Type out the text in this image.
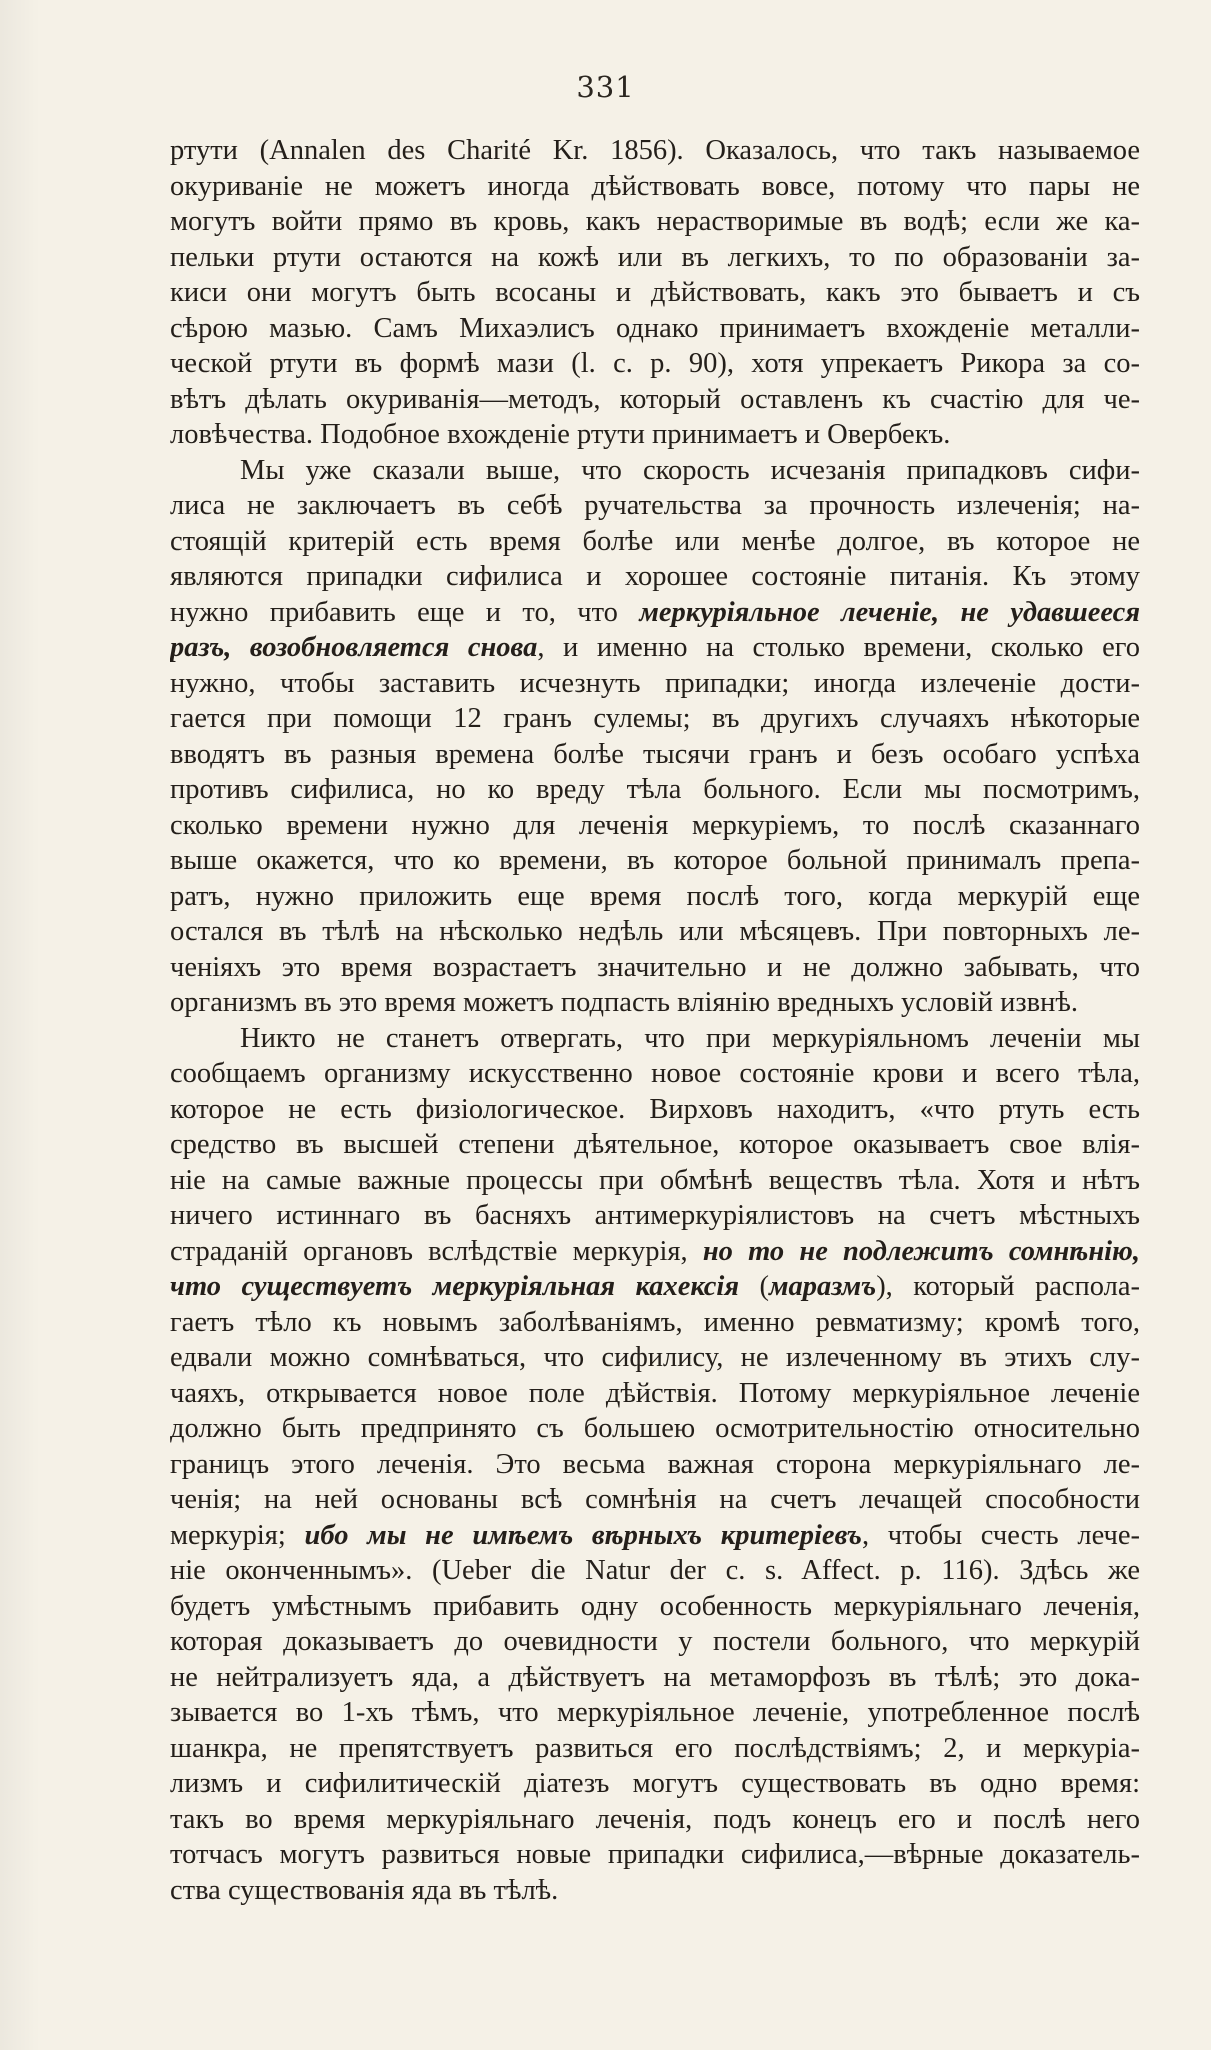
331
ртути (Annalen des Charité Kr. 1856). Оказалось, что такъ называемое
окуриваніе не можетъ иногда дѣйствовать вовсе, потому что пары не
могутъ войти прямо въ кровь, какъ нерастворимые въ водѣ; если же ка-
пельки ртути остаются на кожѣ или въ легкихъ, то по образованіи за-
киси они могутъ быть всосаны и дѣйствовать, какъ это бываетъ и съ
сѣрою мазью. Самъ Михаэлисъ однако принимаетъ вхожденіе металли-
ческой ртути въ формѣ мази (l. c. p. 90), хотя упрекаетъ Рикора за со-
вѣтъ дѣлать окуриванія—методъ, который оставленъ къ счастію для че-
ловѣчества. Подобное вхожденіе ртути принимаетъ и Овербекъ.
Мы уже сказали выше, что скорость исчезанія припадковъ сифи-
лиса не заключаетъ въ себѣ ручательства за прочность излеченія; на-
стоящій критерій есть время болѣе или менѣе долгое, въ которое не
являются припадки сифилиса и хорошее состояніе питанія. Къ этому
нужно прибавить еще и то, что меркуріяльное леченіе, не удавшееся
разъ, возобновляется снова, и именно на столько времени, сколько его
нужно, чтобы заставить исчезнуть припадки; иногда излеченіе дости-
гается при помощи 12 гранъ сулемы; въ другихъ случаяхъ нѣкоторые
вводятъ въ разныя времена болѣе тысячи гранъ и безъ особаго успѣха
противъ сифилиса, но ко вреду тѣла больного. Если мы посмотримъ,
сколько времени нужно для леченія меркуріемъ, то послѣ сказаннаго
выше окажется, что ко времени, въ которое больной принималъ препа-
ратъ, нужно приложить еще время послѣ того, когда меркурій еще
остался въ тѣлѣ на нѣсколько недѣль или мѣсяцевъ. При повторныхъ ле-
ченіяхъ это время возрастаетъ значительно и не должно забывать, что
организмъ въ это время можетъ подпасть вліянію вредныхъ условій извнѣ.
Никто не станетъ отвергать, что при меркуріяльномъ леченіи мы
сообщаемъ организму искусственно новое состояніе крови и всего тѣла,
которое не есть физіологическое. Вирховъ находитъ, «что ртуть есть
средство въ высшей степени дѣятельное, которое оказываетъ свое влія-
ніе на самые важные процессы при обмѣнѣ веществъ тѣла. Хотя и нѣтъ
ничего истиннаго въ басняхъ антимеркуріялистовъ на счетъ мѣстныхъ
страданій органовъ вслѣдствіе меркурія, но то не подлежитъ сомнѣнію,
что существуетъ меркуріяльная кахексія (маразмъ), который распола-
гаетъ тѣло къ новымъ заболѣваніямъ, именно ревматизму; кромѣ того,
едвали можно сомнѣваться, что сифилису, не излеченному въ этихъ слу-
чаяхъ, открывается новое поле дѣйствія. Потому меркуріяльное леченіе
должно быть предпринято съ большею осмотрительностію относительно
границъ этого леченія. Это весьма важная сторона меркуріяльнаго ле-
ченія; на ней основаны всѣ сомнѣнія на счетъ лечащей способности
меркурія; ибо мы не имѣемъ вѣрныхъ критеріевъ, чтобы счесть лече-
ніе оконченнымъ». (Ueber die Natur der c. s. Affect. p. 116). Здѣсь же
будетъ умѣстнымъ прибавить одну особенность меркуріяльнаго леченія,
которая доказываетъ до очевидности у постели больного, что меркурій
не нейтрализуетъ яда, а дѣйствуетъ на метаморфозъ въ тѣлѣ; это дока-
зывается во 1-хъ тѣмъ, что меркуріяльное леченіе, употребленное послѣ
шанкра, не препятствуетъ развиться его послѣдствіямъ; 2, и меркуріа-
лизмъ и сифилитическій діатезъ могутъ существовать въ одно время:
такъ во время меркуріяльнаго леченія, подъ конецъ его и послѣ него
тотчасъ могутъ развиться новые припадки сифилиса,—вѣрные доказатель-
ства существованія яда въ тѣлѣ.
